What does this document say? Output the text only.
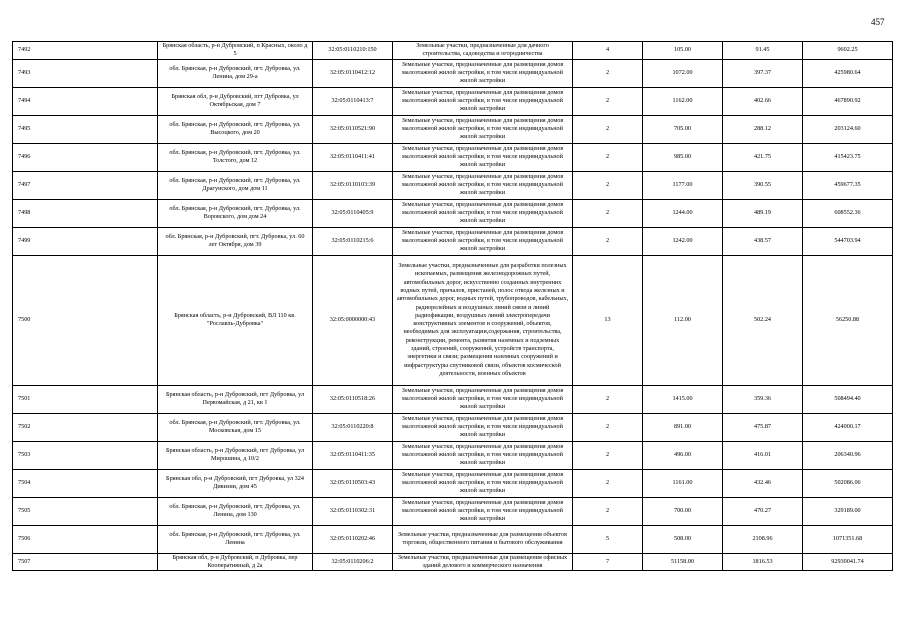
457
7492	Брянская область, р-н Дубровский, п Красных, около д 5	32:05:0110210:150	Земельные участки, предназначенные для дачного строительства, садоводства и огородничества	4	105.00	91.45	9602.25
7493	обл. Брянская, р-н Дубровский, пгт. Дубровка, ул. Ленина, дом 29-а	32:05:0110412:12	Земельные участки, предназначенные для размещения домов малоэтажной жилой застройки, в том числе индивидуальной жилой застройки	2	1072.00	397.37	425980.64
7494	Брянская обл, р-н Дубровский, пгт Дубровка, ул Октябрьская, дом 7	32:05:0110413:7	Земельные участки, предназначенные для размещения домов малоэтажной жилой застройки, в том числе индивидуальной жилой застройки	2	1162.00	402.66	467890.92
7495	обл. Брянская, р-н Дубровский, пгт. Дубровка, ул. Высоцкого, дом 20	32:05:0110521:90	Земельные участки, предназначенные для размещения домов малоэтажной жилой застройки, в том числе индивидуальной жилой застройки	2	705.00	288.12	203124.60
7496	обл. Брянская, р-н Дубровский, пгт. Дубровка, ул. Толстого, дом 12	32:05:0110411:41	Земельные участки, предназначенные для размещения домов малоэтажной жилой застройки, в том числе индивидуальной жилой застройки	2	985.00	421.75	415423.75
7497	обл. Брянская, р-н Дубровский, пгт. Дубровка, ул. Драгунского, дом дом 11	32:05:0110103:39	Земельные участки, предназначенные для размещения домов малоэтажной жилой застройки, в том числе индивидуальной жилой застройки	2	1177.00	390.55	459677.35
7498	обл. Брянская, р-н Дубровский, пгт. Дубровка, ул. Воровского, дом дом 24	32:05:0110405:9	Земельные участки, предназначенные для размещения домов малоэтажной жилой застройки, в том числе индивидуальной жилой застройки	2	1244.00	489.19	608552.36
7499	обл. Брянская, р-н Дубровский, пгт. Дубровка, ул. 60 лет Октября, дом 39	32:05:0110215:6	Земельные участки, предназначенные для размещения домов малоэтажной жилой застройки, в том числе индивидуальной жилой застройки	2	1242.00	438.57	544703.94
7500	Брянская область, р-н Дубровский, ВЛ 110 кв. "Рославль-Дубровка"	32:05:0000000:43	Земельные участки, предназначенные для разработки полезных ископаемых, размещения железнодорожных путей, автомобильных дорог, искусственно созданных внутренних водных путей, причалов, пристаней, полос отвода железных и автомобильных дорог, водных путей, трубопроводов, кабельных, радиорелейных и воздушных линий связи и линий радиофикации, воздушных линий электропередачи конструктивных элементов и сооружений, объектов, необходимых для эксплуатации,содержания, строительства, реконструкции, ремонта, развития наземных и подземных зданий, строений, сооружений, устройств транспорта, энергетики и связи; размещения наземных сооружений и инфраструктуры спутниковой связи, объектов космической деятельности, военных объектов	13	112.00	502.24	56250.88
7501	Брянская область, р-н Дубровский, пгт Дубровка, ул Первомайская, д 21, кв 1	32:05:0110518:26	Земельные участки, предназначенные для размещения домов малоэтажной жилой застройки, в том числе индивидуальной жилой застройки	2	1415.00	359.36	508494.40
7502	обл. Брянская, р-н Дубровский, пгт. Дубровка, ул. Московская, дом 15	32:05:0110220:8	Земельные участки, предназначенные для размещения домов малоэтажной жилой застройки, в том числе индивидуальной жилой застройки	2	891.00	475.87	424000.17
7503	Брянская область, р-н Дубровский, пгт Дубровка, ул Мирошина, д 10/2	32:05:0110411:35	Земельные участки, предназначенные для размещения домов малоэтажной жилой застройки, в том числе индивидуальной жилой застройки	2	496.00	416.01	206340.96
7504	Брянская обл, р-н Дубровский, пгт Дубровка, ул 324 Дивизии, дом 45	32:05:0110503:43	Земельные участки, предназначенные для размещения домов малоэтажной жилой застройки, в том числе индивидуальной жилой застройки	2	1161.00	432.46	502086.06
7505	обл. Брянская, р-н Дубровский, пгт. Дубровка, ул. Ленина, дом 130	32:05:0110302:31	Земельные участки, предназначенные для размещения домов малоэтажной жилой застройки, в том числе индивидуальной жилой застройки	2	700.00	470.27	329189.00
7506	обл. Брянская, р-н Дубровский, пгт. Дубровка, ул. Ленина	32:05:0110202:46	Земельные участки, предназначенные для размещения объектов торговли, общественного питания и бытового обслуживания	5	508.00	2108.96	1071351.68
7507	Брянская обл, р-н Дубровский, п Дубровка, пер Кооперативный, д 2а	32:05:0110206:2	Земельные участки, предназначенные для размещения офисных зданий делового и коммерческого назначения	7	51158.00	1816.53	92930041.74
